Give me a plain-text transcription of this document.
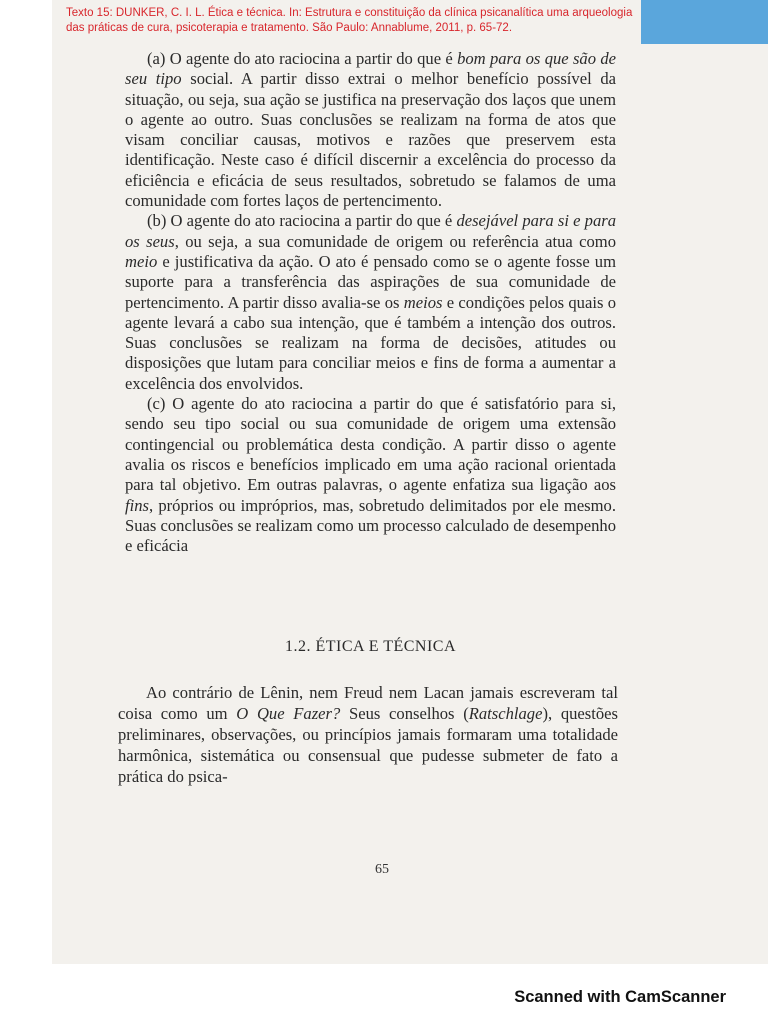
Texto 15: DUNKER, C. I. L. Ética e técnica. In: Estrutura e constituição da clínica psicanalítica uma arqueologia das práticas de cura, psicoterapia e tratamento. São Paulo: Annablume, 2011, p. 65-72.

(a) O agente do ato raciocina a partir do que é bom para os que são de seu tipo social. A partir disso extrai o melhor benefício possível da situação, ou seja, sua ação se justifica na preservação dos laços que unem o agente ao outro. Suas conclusões se realizam na forma de atos que visam conciliar causas, motivos e razões que preservem esta identificação. Neste caso é difícil discernir a excelência do processo da eficiência e eficácia de seus resultados, sobretudo se falamos de uma comunidade com fortes laços de pertencimento.

(b) O agente do ato raciocina a partir do que é desejável para si e para os seus, ou seja, a sua comunidade de origem ou referência atua como meio e justificativa da ação. O ato é pensado como se o agente fosse um suporte para a transferência das aspirações de sua comunidade de pertencimento. A partir disso avalia-se os meios e condições pelos quais o agente levará a cabo sua intenção, que é também a intenção dos outros. Suas conclusões se realizam na forma de decisões, atitudes ou disposições que lutam para conciliar meios e fins de forma a aumentar a excelência dos envolvidos.

(c) O agente do ato raciocina a partir do que é satisfatório para si, sendo seu tipo social ou sua comunidade de origem uma extensão contingencial ou problemática desta condição. A partir disso o agente avalia os riscos e benefícios implicado em uma ação racional orientada para tal objetivo. Em outras palavras, o agente enfatiza sua ligação aos fins, próprios ou impróprios, mas, sobretudo delimitados por ele mesmo. Suas conclusões se realizam como um processo calculado de desempenho e eficácia

1.2. ÉTICA E TÉCNICA

Ao contrário de Lênin, nem Freud nem Lacan jamais escreveram tal coisa como um O Que Fazer? Seus conselhos (Ratschlage), questões preliminares, observações, ou princípios jamais formaram uma totalidade harmônica, sistemática ou consensual que pudesse submeter de fato a prática do psica-

65
Scanned with CamScanner
